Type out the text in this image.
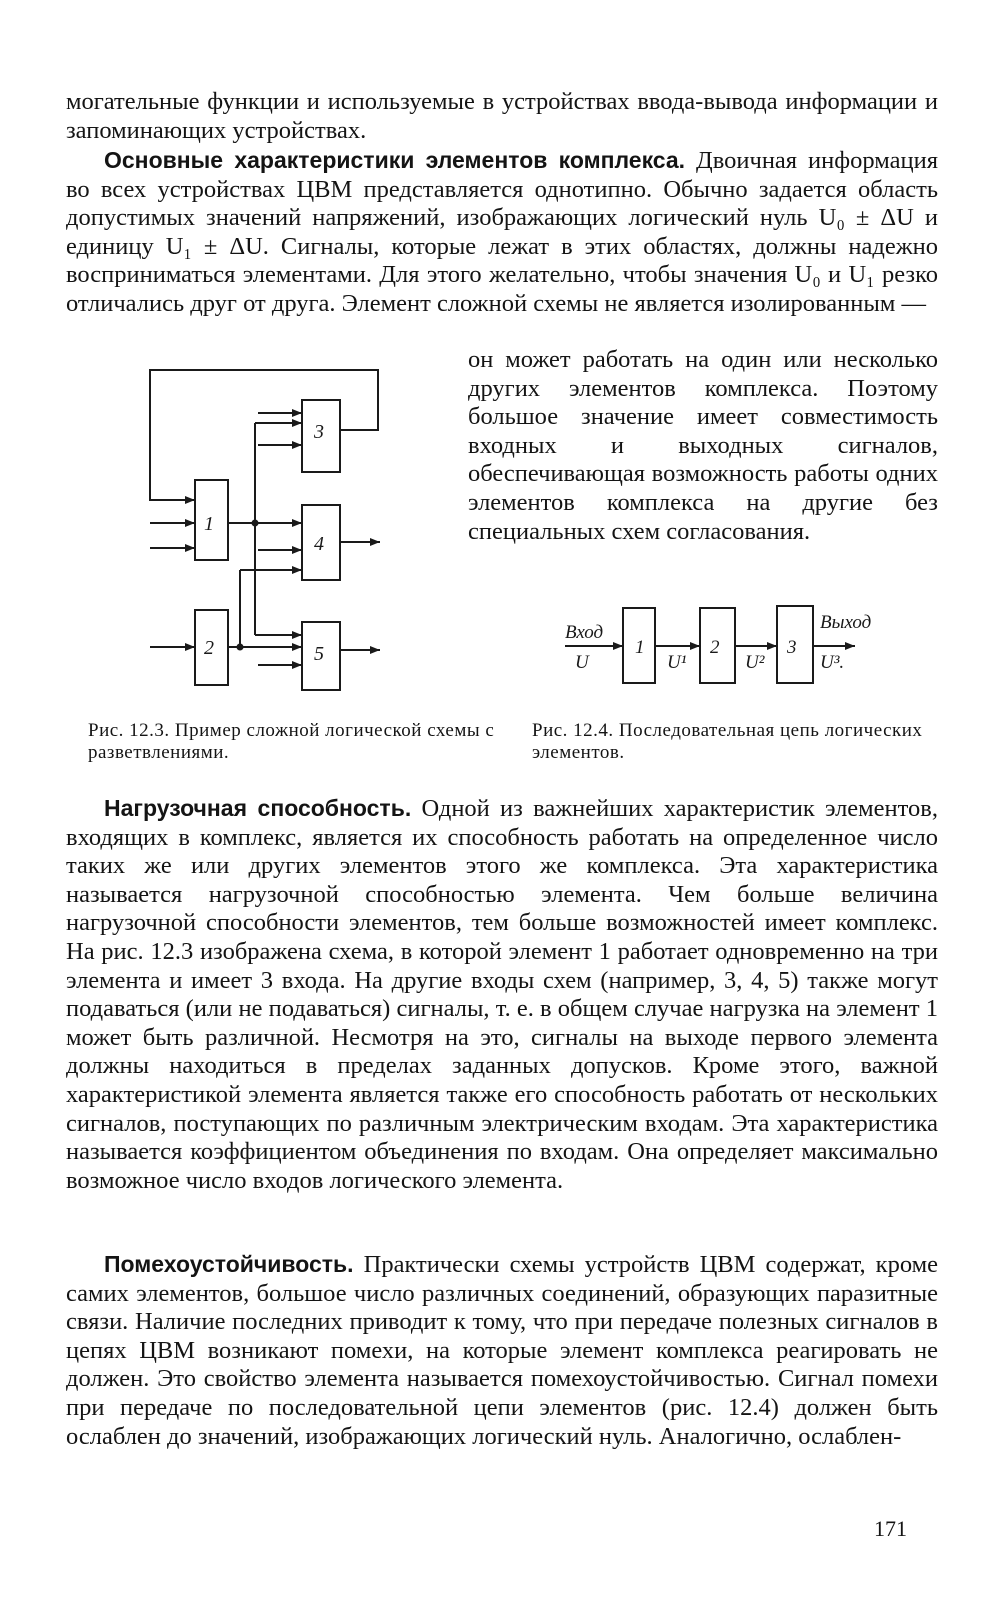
могательные функции и используемые в устройствах ввода-вывода информации и запоминающих устройствах.

Основные характеристики элементов комплекса. Двоичная информация во всех устройствах ЦВМ представляется однотипно. Обычно задается область допустимых значений напряжений, изображающих логический нуль U₀ ± ΔU и единицу U₁ ± ΔU. Сигналы, которые лежат в этих областях, должны надежно восприниматься элементами. Для этого желательно, чтобы значения U₀ и U₁ резко отличались друг от друга. Элемент сложной схемы не является изолированным —

он может работать на один или несколько других элементов комплекса. Поэтому большое значение имеет совместимость входных и выходных сигналов, обеспечивающая возможность работы одних элементов комплекса на другие без специальных схем согласования.

3
1
4
2	5
Вход
U
1	2	3
U¹	U²
Выход
U³.
Рис. 12.3. Пример сложной логической схемы с разветвлениями.
Рис. 12.4. Последовательная цепь логических элементов.

Нагрузочная способность. Одной из важнейших характеристик элементов, входящих в комплекс, является их способность работать на определенное число таких же или других элементов этого же комплекса. Эта характеристика называется нагрузочной способностью элемента. Чем больше величина нагрузочной способности элементов, тем больше возможностей имеет комплекс. На рис. 12.3 изображена схема, в которой элемент 1 работает одновременно на три элемента и имеет 3 входа. На другие входы схем (например, 3, 4, 5) также могут подаваться (или не подаваться) сигналы, т. е. в общем случае нагрузка на элемент 1 может быть различной. Несмотря на это, сигналы на выходе первого элемента должны находиться в пределах заданных допусков. Кроме этого, важной характеристикой элемента является также его способность работать от нескольких сигналов, поступающих по различным электрическим входам. Эта характеристика называется коэффициентом объединения по входам. Она определяет максимально возможное число входов логического элемента.

Помехоустойчивость. Практически схемы устройств ЦВМ содержат, кроме самих элементов, большое число различных соединений, образующих паразитные связи. Наличие последних приводит к тому, что при передаче полезных сигналов в цепях ЦВМ возникают помехи, на которые элемент комплекса реагировать не должен. Это свойство элемента называется помехоустойчивостью. Сигнал помехи при передаче по последовательной цепи элементов (рис. 12.4) должен быть ослаблен до значений, изображающих логический нуль. Аналогично, ослаблен-

171
